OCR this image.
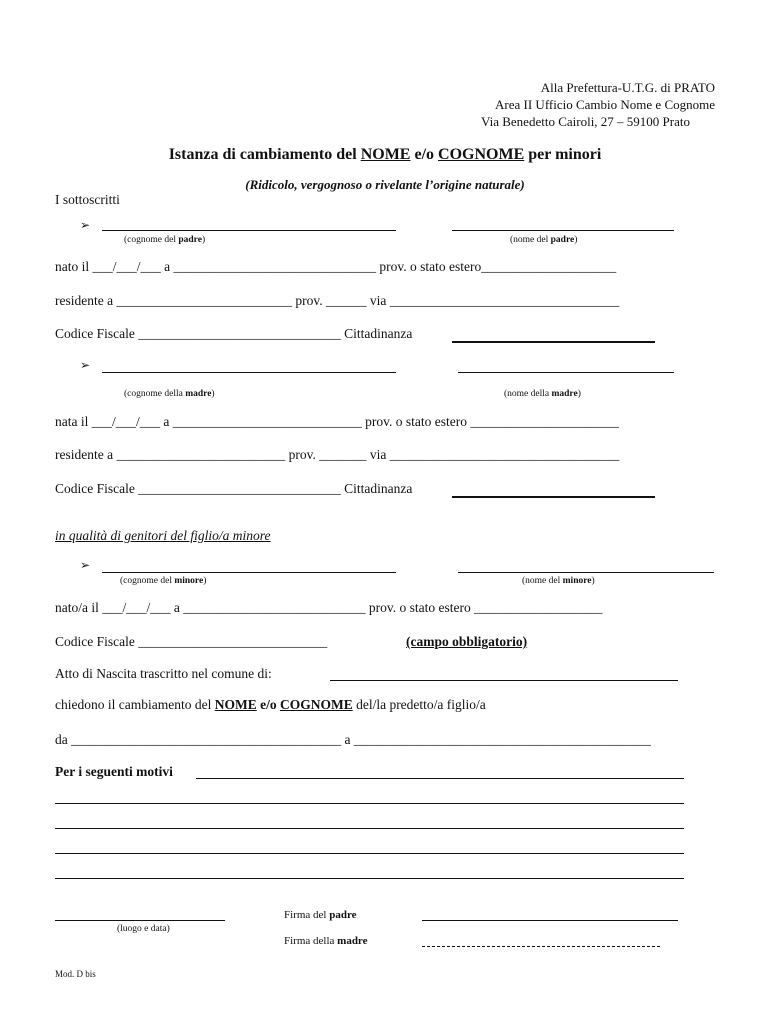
Alla Prefettura-U.T.G. di PRATO
Area II Ufficio Cambio Nome e Cognome
Via Benedetto Cairoli, 27 – 59100 Prato
Istanza di cambiamento del NOME e/o COGNOME per minori
(Ridicolo, vergognoso o rivelante l’origine naturale)
I sottoscritti
➢
(cognome del padre)	(nome del padre)
nato il ___/___/___ a ______________________________ prov. o stato estero____________________
residente a __________________________ prov. ______ via __________________________________
Codice Fiscale ______________________________ Cittadinanza
➢
(cognome della madre)	(nome della madre)
nata il ___/___/___ a ____________________________ prov. o stato estero ______________________
residente a _________________________ prov. _______ via __________________________________
Codice Fiscale ______________________________ Cittadinanza
in qualità di genitori del figlio/a minore
➢
(cognome del minore)	(nome del minore)
nato/a il ___/___/___ a ___________________________ prov. o stato estero ___________________
Codice Fiscale ____________________________	(campo obbligatorio)
Atto di Nascita trascritto nel comune di:
chiedono il cambiamento del NOME e/o COGNOME del/la predetto/a figlio/a
da ________________________________________ a ____________________________________________
Per i seguenti motivi
(luogo e data)
Firma del padre
Firma della madre
Mod. D bis
